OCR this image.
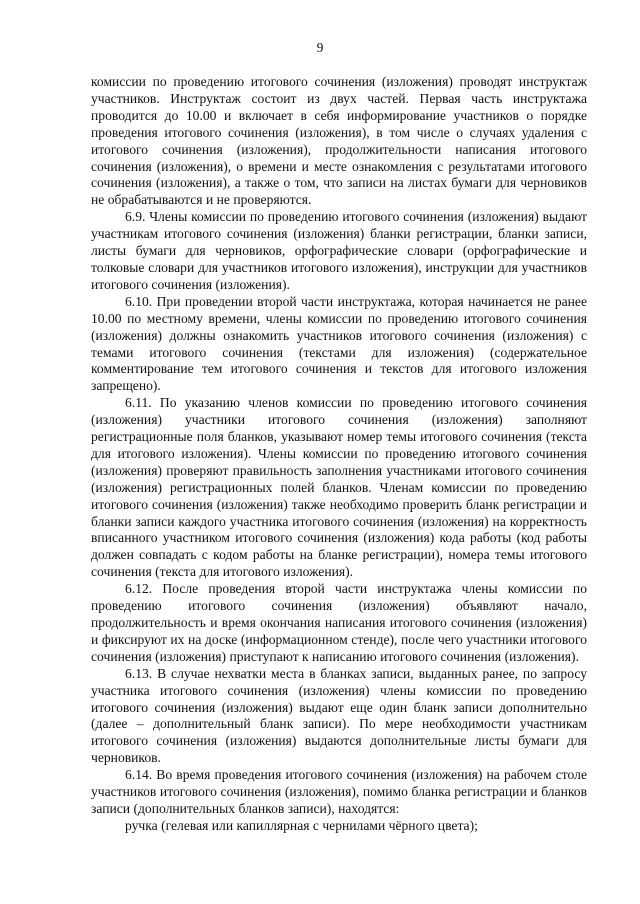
9

комиссии по проведению итогового сочинения (изложения) проводят инструктаж участников. Инструктаж состоит из двух частей. Первая часть инструктажа проводится до 10.00 и включает в себя информирование участников о порядке проведения итогового сочинения (изложения), в том числе о случаях удаления с итогового сочинения (изложения), продолжительности написания итогового сочинения (изложения), о времени и месте ознакомления с результатами итогового сочинения (изложения), а также о том, что записи на листах бумаги для черновиков не обрабатываются и не проверяются.

6.9. Члены комиссии по проведению итогового сочинения (изложения) выдают участникам итогового сочинения (изложения) бланки регистрации, бланки записи, листы бумаги для черновиков, орфографические словари (орфографические и толковые словари для участников итогового изложения), инструкции для участников итогового сочинения (изложения).

6.10. При проведении второй части инструктажа, которая начинается не ранее 10.00 по местному времени, члены комиссии по проведению итогового сочинения (изложения) должны ознакомить участников итогового сочинения (изложения) с темами итогового сочинения (текстами для изложения) (содержательное комментирование тем итогового сочинения и текстов для итогового изложения запрещено).

6.11. По указанию членов комиссии по проведению итогового сочинения (изложения) участники итогового сочинения (изложения) заполняют регистрационные поля бланков, указывают номер темы итогового сочинения (текста для итогового изложения). Члены комиссии по проведению итогового сочинения (изложения) проверяют правильность заполнения участниками итогового сочинения (изложения) регистрационных полей бланков. Членам комиссии по проведению итогового сочинения (изложения) также необходимо проверить бланк регистрации и бланки записи каждого участника итогового сочинения (изложения) на корректность вписанного участником итогового сочинения (изложения) кода работы (код работы должен совпадать с кодом работы на бланке регистрации), номера темы итогового сочинения (текста для итогового изложения).

6.12. После проведения второй части инструктажа члены комиссии по проведению итогового сочинения (изложения) объявляют начало, продолжительность и время окончания написания итогового сочинения (изложения) и фиксируют их на доске (информационном стенде), после чего участники итогового сочинения (изложения) приступают к написанию итогового сочинения (изложения).

6.13. В случае нехватки места в бланках записи, выданных ранее, по запросу участника итогового сочинения (изложения) члены комиссии по проведению итогового сочинения (изложения) выдают еще один бланк записи дополнительно (далее – дополнительный бланк записи). По мере необходимости участникам итогового сочинения (изложения) выдаются дополнительные листы бумаги для черновиков.

6.14. Во время проведения итогового сочинения (изложения) на рабочем столе участников итогового сочинения (изложения), помимо бланка регистрации и бланков записи (дополнительных бланков записи), находятся:

ручка (гелевая или капиллярная с чернилами чёрного цвета);
